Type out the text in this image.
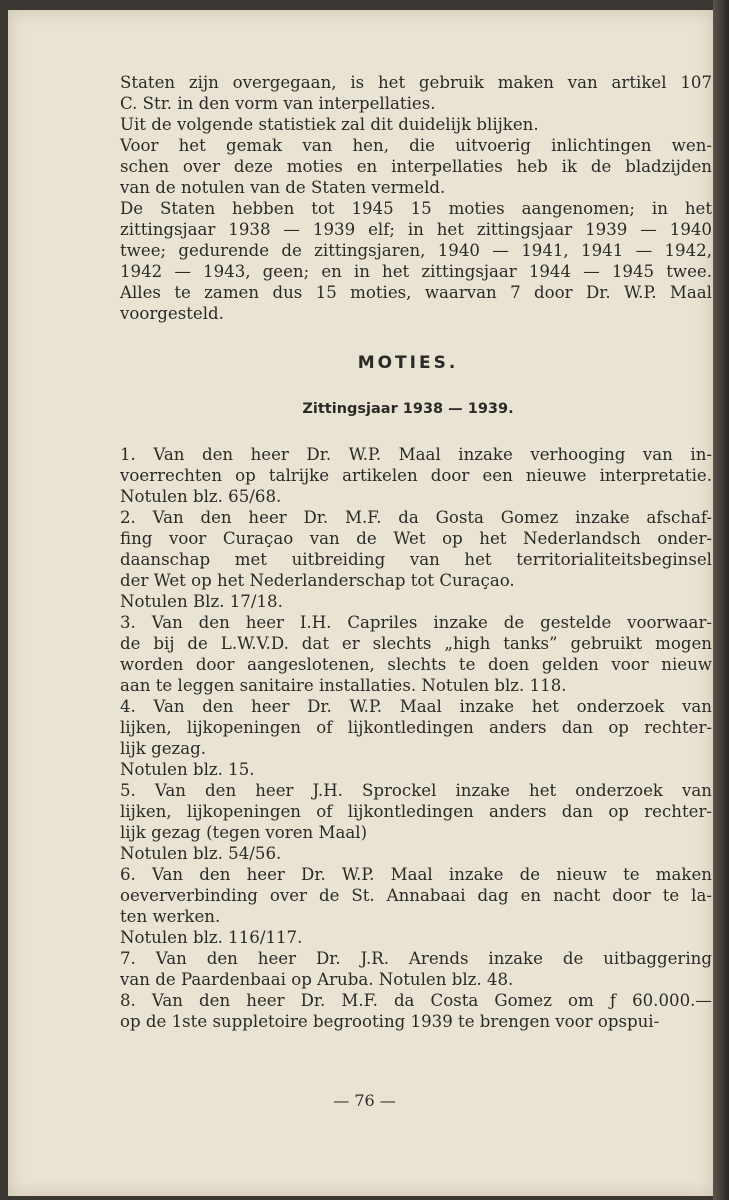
Staten zijn overgegaan, is het gebruik maken van artikel 107
C. Str. in den vorm van interpellaties.

Uit de volgende statistiek zal dit duidelijk blijken.

Voor het gemak van hen, die uitvoerig inlichtingen wen-
schen over deze moties en interpellaties heb ik de bladzijden
van de notulen van de Staten vermeld.

De Staten hebben tot 1945 15 moties aangenomen; in het
zittingsjaar 1938 — 1939 elf; in het zittingsjaar 1939 — 1940
twee; gedurende de zittingsjaren, 1940 — 1941, 1941 — 1942,
1942 — 1943, geen; en in het zittingsjaar 1944 — 1945 twee.
Alles te zamen dus 15 moties, waarvan 7 door Dr. W.P. Maal
voorgesteld.

MOTIES.
Zittingsjaar 1938 — 1939.

1. Van den heer Dr. W.P. Maal inzake verhooging van in-
voerrechten op talrijke artikelen door een nieuwe interpretatie.
Notulen blz. 65/68.

2. Van den heer Dr. M.F. da Gosta Gomez inzake afschaf-
fing voor Curaçao van de Wet op het Nederlandsch onder-
daanschap met uitbreiding van het territorialiteitsbeginsel
der Wet op het Nederlanderschap tot Curaçao.

Notulen Blz. 17/18.

3. Van den heer I.H. Capriles inzake de gestelde voorwaar-
de bij de L.W.V.D. dat er slechts „high tanks” gebruikt mogen
worden door aangeslotenen, slechts te doen gelden voor nieuw
aan te leggen sanitaire installaties. Notulen blz. 118.

4. Van den heer Dr. W.P. Maal inzake het onderzoek van
lijken, lijkopeningen of lijkontledingen anders dan op rechter-
lijk gezag.

Notulen blz. 15.

5. Van den heer J.H. Sprockel inzake het onderzoek van
lijken, lijkopeningen of lijkontledingen anders dan op rechter-
lijk gezag (tegen voren Maal)

Notulen blz. 54/56.

6. Van den heer Dr. W.P. Maal inzake de nieuw te maken
oeververbinding over de St. Annabaai dag en nacht door te la-
ten werken.

Notulen blz. 116/117.

7. Van den heer Dr. J.R. Arends inzake de uitbaggering
van de Paardenbaai op Aruba. Notulen blz. 48.

8. Van den heer Dr. M.F. da Costa Gomez om ƒ 60.000.—
op de 1ste suppletoire begrooting 1939 te brengen voor opspui-

— 76 —
